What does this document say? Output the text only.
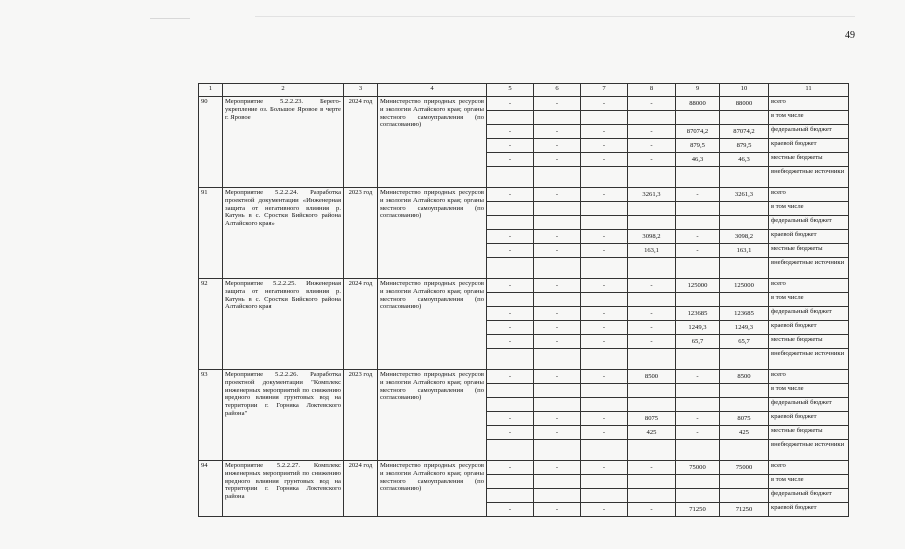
49
1	2	3	4	5	6	7	8	9	10	11
90	Мероприятие 5.2.2.23. Берего-укрепление оз. Большое Яровое в черте г. Яровое	2024 год	Министерство природных ресурсов и экологии Алтайского края; органы местного самоуправления (по согласованию)	-	-	-	-	88000	88000	всего
										в том числе
				-	-	-	-	87074,2	87074,2	федеральный бюджет
				-	-	-	-	879,5	879,5	краевой бюджет
				-	-	-	-	46,3	46,3	местные бюджеты
										внебюджетные источники
91	Мероприятие 5.2.2.24. Разработка проектной документации «Инженерная защита от негативного влияния р. Катунь в с. Сростки Бийского района Алтайского края»	2023 год	Министерство природных ресурсов и экологии Алтайского края; органы местного самоуправления (по согласованию)	-	-	-	3261,3	-	3261,3	всего
										в том числе
										федеральный бюджет
				-	-	-	3098,2	-	3098,2	краевой бюджет
				-	-	-	163,1	-	163,1	местные бюджеты
										внебюджетные источники
92	Мероприятие 5.2.2.25. Инженерная защита от негативного влияния р. Катунь в с. Сростки Бийского района Алтайского края	2024 год	Министерство природных ресурсов и экологии Алтайского края; органы местного самоуправления (по согласованию)	-	-	-	-	125000	125000	всего
										в том числе
				-	-	-	-	123685	123685	федеральный бюджет
				-	-	-	-	1249,3	1249,3	краевой бюджет
				-	-	-	-	65,7	65,7	местные бюджеты
										внебюджетные источники
93	Мероприятие 5.2.2.26. Разработка проектной документации "Комплекс инженерных мероприятий по снижению вредного влияния грунтовых вод на территории г. Горняка Локтевского района"	2023 год	Министерство природных ресурсов и экологии Алтайского края; органы местного самоуправления (по согласованию)	-	-	-	8500	-	8500	всего
										в том числе
										федеральный бюджет
				-	-	-	8075	-	8075	краевой бюджет
				-	-	-	425	-	425	местные бюджеты
										внебюджетные источники
94	Мероприятие 5.2.2.27. Комплекс инженерных мероприятий по снижению вредного влияния грунтовых вод на территории г. Горняка Локтевского района	2024 год	Министерство природных ресурсов и экологии Алтайского края; органы местного самоуправления (по согласованию)	-	-	-	-	75000	75000	всего
										в том числе
										федеральный бюджет
				-	-	-	-	71250	71250	краевой бюджет
